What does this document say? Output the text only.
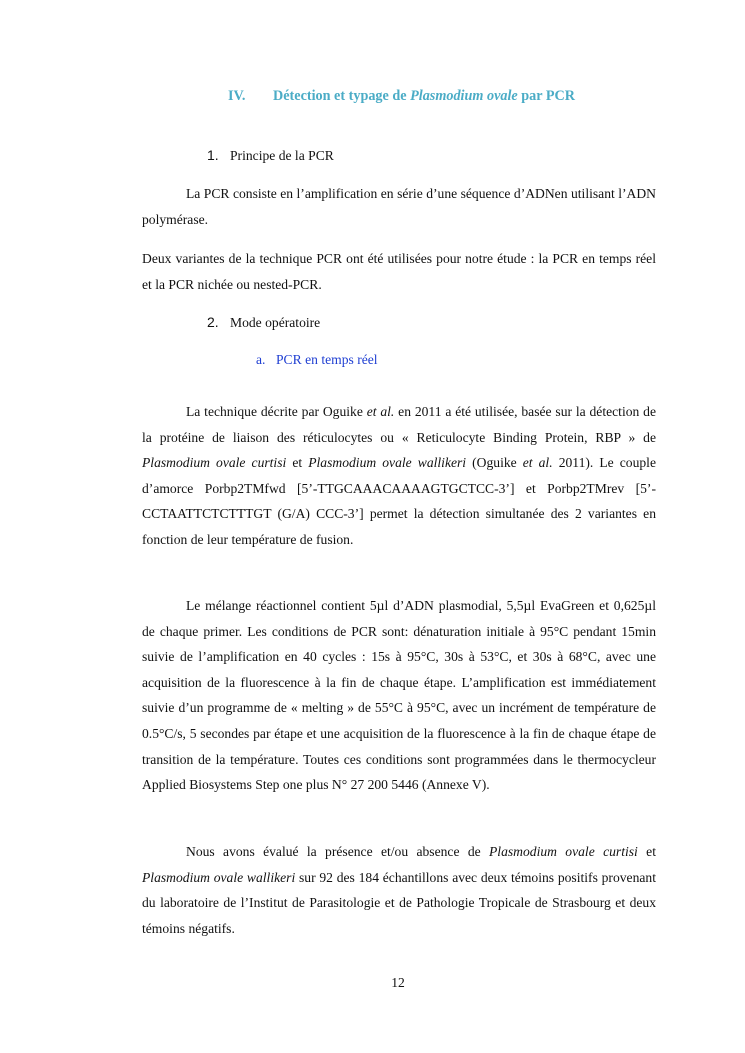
IV. Détection et typage de Plasmodium ovale par PCR
1. Principe de la PCR

La PCR consiste en l’amplification en série d’une séquence d’ADNen utilisant l’ADN polymérase.

Deux variantes de la technique PCR ont été utilisées pour notre étude : la PCR en temps réel et la PCR nichée ou nested-PCR.

2. Mode opératoire
a. PCR en temps réel

La technique décrite par Oguike et al. en 2011 a été utilisée, basée sur la détection de la protéine de liaison des réticulocytes ou « Reticulocyte Binding Protein, RBP » de Plasmodium ovale curtisi et Plasmodium ovale wallikeri (Oguike et al. 2011). Le couple d’amorce Porbp2TMfwd [5’-TTGCAAACAAAAGTGCTCC-3’] et Porbp2TMrev [5’- CCTAATTCTCTTTGT (G/A) CCC-3’] permet la détection simultanée des 2 variantes en fonction de leur température de fusion.

Le mélange réactionnel contient 5µl d’ADN plasmodial, 5,5µl EvaGreen et 0,625µl de chaque primer. Les conditions de PCR sont: dénaturation initiale à 95°C pendant 15min suivie de l’amplification en 40 cycles : 15s à 95°C, 30s à 53°C, et 30s à 68°C, avec une acquisition de la fluorescence à la fin de chaque étape. L’amplification est immédiatement suivie d’un programme de « melting » de 55°C à 95°C, avec un incrément de température de 0.5°C/s, 5 secondes par étape et une acquisition de la fluorescence à la fin de chaque étape de transition de la température. Toutes ces conditions sont programmées dans le thermocycleur Applied Biosystems Step one plus N° 27 200 5446 (Annexe V).

Nous avons évalué la présence et/ou absence de Plasmodium ovale curtisi et Plasmodium ovale wallikeri sur 92 des 184 échantillons avec deux témoins positifs provenant du laboratoire de l’Institut de Parasitologie et de Pathologie Tropicale de Strasbourg et deux témoins négatifs.

12
